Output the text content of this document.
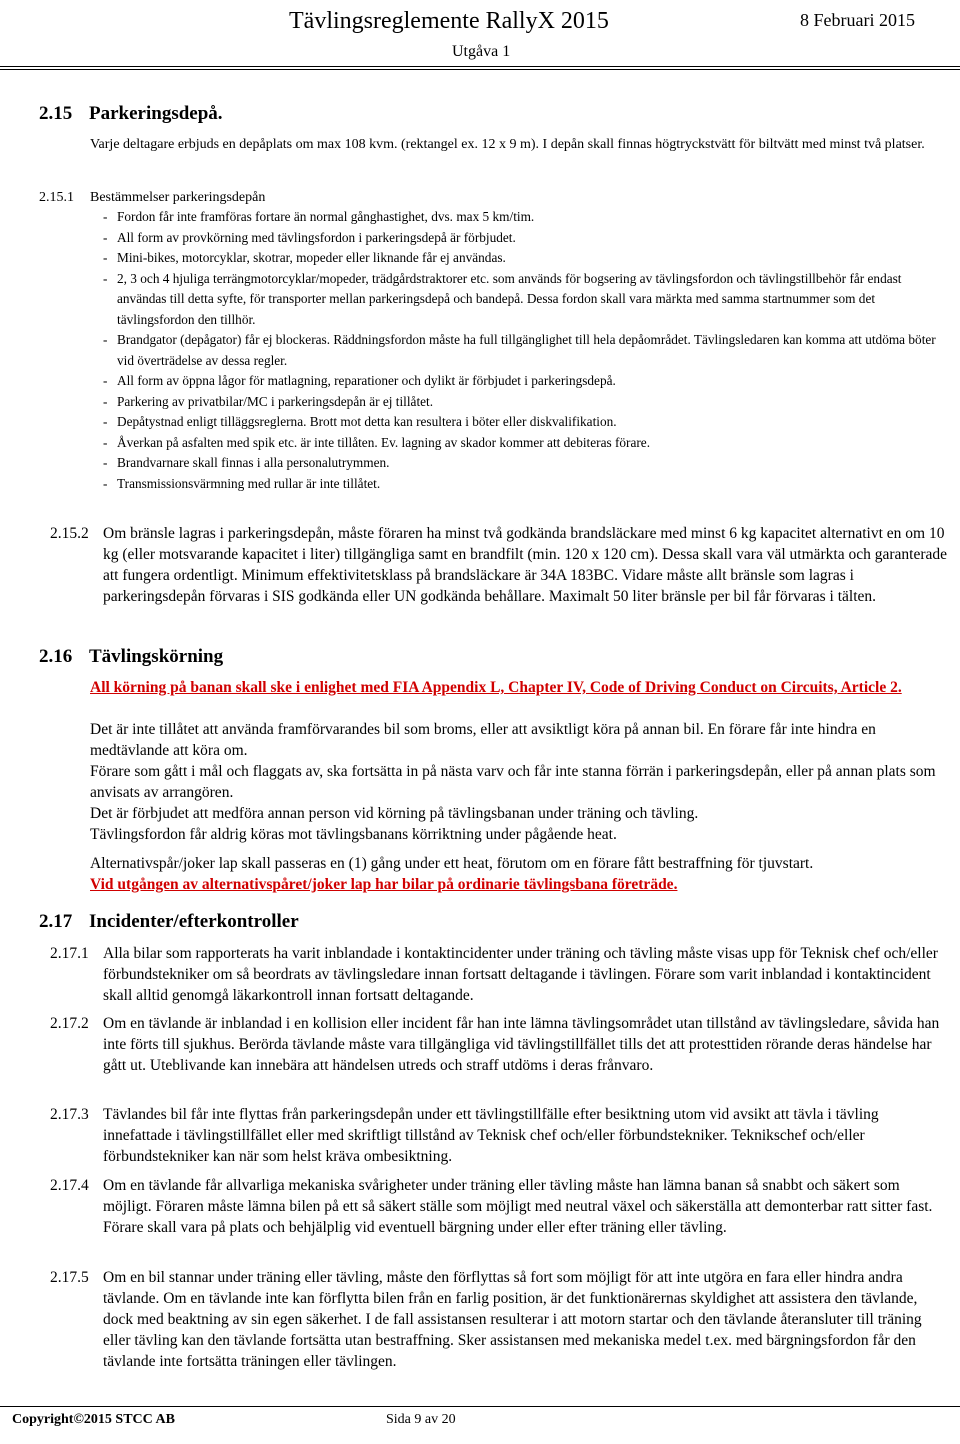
Tävlingsreglemente RallyX 2015	8 Februari 2015
Utgåva 1
2.15 Parkeringsdepå.

Varje deltagare erbjuds en depåplats om max 108 kvm. (rektangel ex. 12 x 9 m). I depån skall finnas högtryckstvätt för biltvätt med minst två platser.

2.15.1 Bestämmelser parkeringsdepån
- Fordon får inte framföras fortare än normal gånghastighet, dvs. max 5 km/tim.
- All form av provkörning med tävlingsfordon i parkeringsdepå är förbjudet.
- Mini-bikes, motorcyklar, skotrar, mopeder eller liknande får ej användas.
- 2, 3 och 4 hjuliga terrängmotorcyklar/mopeder, trädgårdstraktorer etc. som används för bogsering av tävlingsfordon och tävlingstillbehör får endast användas till detta syfte, för transporter mellan parkeringsdepå och bandepå. Dessa fordon skall vara märkta med samma startnummer som det tävlingsfordon den tillhör.
- Brandgator (depågator) får ej blockeras. Räddningsfordon måste ha full tillgänglighet till hela depåområdet. Tävlingsledaren kan komma att utdöma böter vid överträdelse av dessa regler.
- All form av öppna lågor för matlagning, reparationer och dylikt är förbjudet i parkeringsdepå.
- Parkering av privatbilar/MC i parkeringsdepån är ej tillåtet.
- Depåtystnad enligt tilläggsreglerna. Brott mot detta kan resultera i böter eller diskvalifikation.
- Åverkan på asfalten med spik etc. är inte tillåten. Ev. lagning av skador kommer att debiteras förare.
- Brandvarnare skall finnas i alla personalutrymmen.
- Transmissionsvärmning med rullar är inte tillåtet.
2.15.2 Om bränsle lagras i parkeringsdepån, måste föraren ha minst två godkända brandsläckare med minst 6 kg kapacitet alternativt en om 10 kg (eller motsvarande kapacitet i liter) tillgängliga samt en brandfilt (min. 120 x 120 cm). Dessa skall vara väl utmärkta och garanterade att fungera ordentligt. Minimum effektivitetsklass på brandsläckare är 34A 183BC. Vidare måste allt bränsle som lagras i parkeringsdepån förvaras i SIS godkända eller UN godkända behållare. Maximalt 50 liter bränsle per bil får förvaras i tälten.

2.16 Tävlingskörning

All körning på banan skall ske i enlighet med FIA Appendix L, Chapter IV, Code of Driving Conduct on Circuits, Article 2.

Det är inte tillåtet att använda framförvarandes bil som broms, eller att avsiktligt köra på annan bil. En förare får inte hindra en medtävlande att köra om.

Förare som gått i mål och flaggats av, ska fortsätta in på nästa varv och får inte stanna förrän i parkeringsdepån, eller på annan plats som anvisats av arrangören.

Det är förbjudet att medföra annan person vid körning på tävlingsbanan under träning och tävling.

Tävlingsfordon får aldrig köras mot tävlingsbanans körriktning under pågående heat.

Alternativspår/joker lap skall passeras en (1) gång under ett heat, förutom om en förare fått bestraffning för tjuvstart.

Vid utgången av alternativspåret/joker lap har bilar på ordinarie tävlingsbana företräde.

2.17 Incidenter/efterkontroller
2.17.1 Alla bilar som rapporterats ha varit inblandade i kontaktincidenter under träning och tävling måste visas upp för Teknisk chef och/eller förbundstekniker om så beordrats av tävlingsledare innan fortsatt deltagande i tävlingen. Förare som varit inblandad i kontaktincident skall alltid genomgå läkarkontroll innan fortsatt deltagande.

2.17.2 Om en tävlande är inblandad i en kollision eller incident får han inte lämna tävlingsområdet utan tillstånd av tävlingsledare, såvida han inte förts till sjukhus. Berörda tävlande måste vara tillgängliga vid tävlingstillfället tills det att protesttiden rörande deras händelse har gått ut. Uteblivande kan innebära att händelsen utreds och straff utdöms i deras frånvaro.

2.17.3 Tävlandes bil får inte flyttas från parkeringsdepån under ett tävlingstillfälle efter besiktning utom vid avsikt att tävla i tävling innefattade i tävlingstillfället eller med skriftligt tillstånd av Teknisk chef och/eller förbundstekniker. Teknikschef och/eller förbundstekniker kan när som helst kräva ombesiktning.

2.17.4 Om en tävlande får allvarliga mekaniska svårigheter under träning eller tävling måste han lämna banan så snabbt och säkert som möjligt. Föraren måste lämna bilen på ett så säkert ställe som möjligt med neutral växel och säkerställa att demonterbar ratt sitter fast. Förare skall vara på plats och behjälplig vid eventuell bärgning under eller efter träning eller tävling.

2.17.5 Om en bil stannar under träning eller tävling, måste den förflyttas så fort som möjligt för att inte utgöra en fara eller hindra andra tävlande. Om en tävlande inte kan förflytta bilen från en farlig position, är det funktionärernas skyldighet att assistera den tävlande, dock med beaktning av sin egen säkerhet. I de fall assistansen resulterar i att motorn startar och den tävlande återansluter till träning eller tävling kan den tävlande fortsätta utan bestraffning. Sker assistansen med mekaniska medel t.ex. med bärgningsfordon får den tävlande inte fortsätta träningen eller tävlingen.

Copyright©2015 STCC AB	Sida 9 av 20
